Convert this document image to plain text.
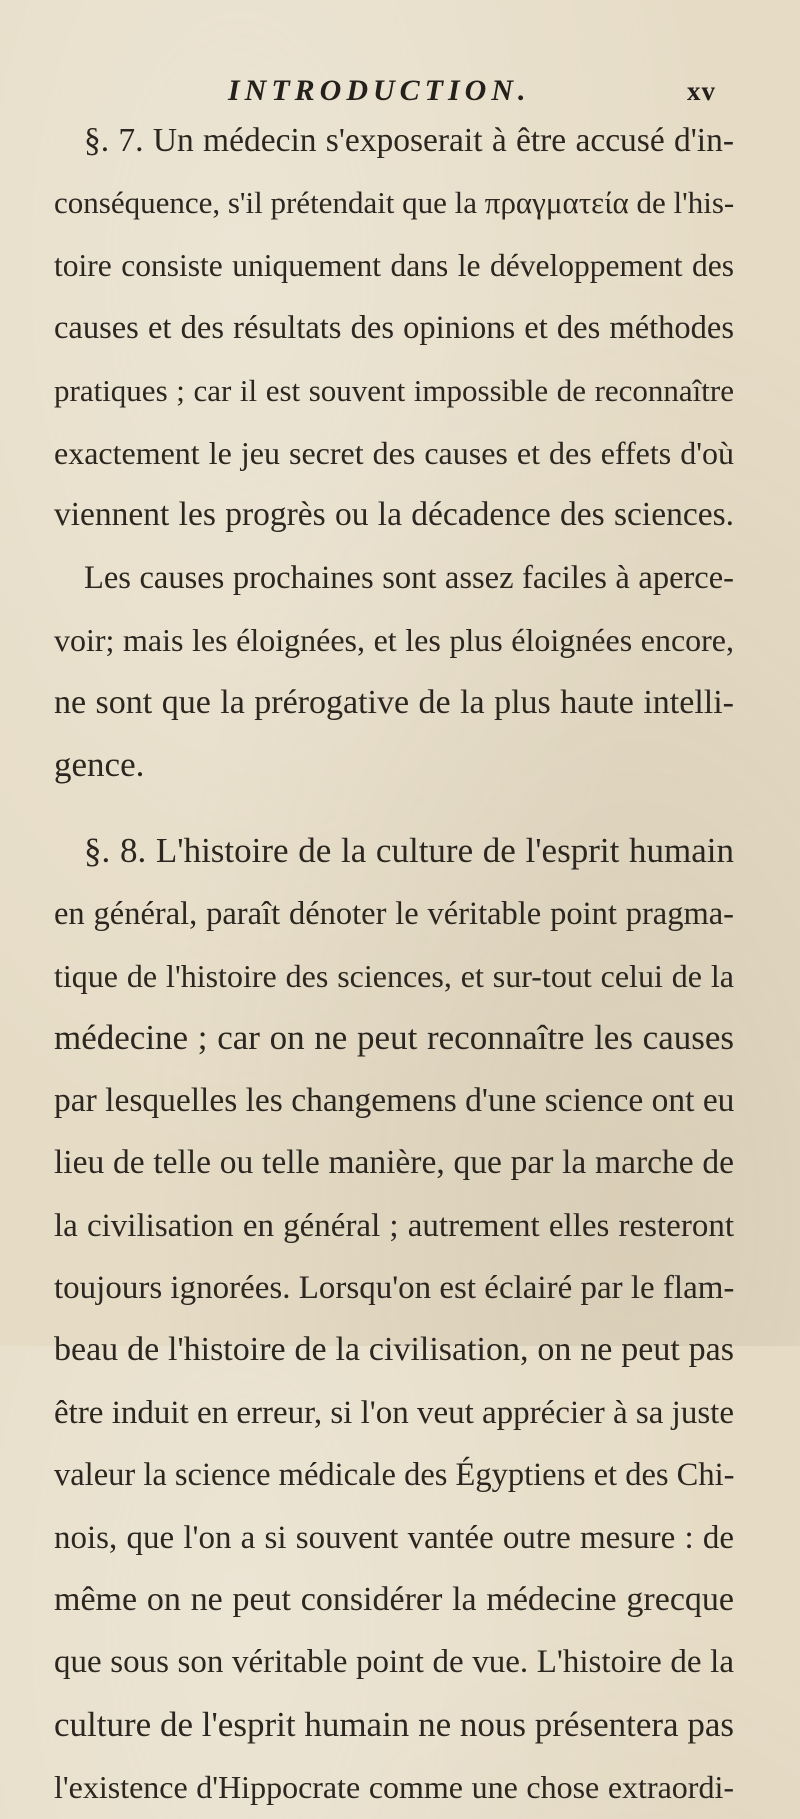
INTRODUCTION.	xv
§. 7. Un médecin s'exposerait à être accusé d'in-
conséquence, s'il prétendait que la πραγματεία de l'his-
toire consiste uniquement dans le développement des
causes et des résultats des opinions et des méthodes
pratiques ; car il est souvent impossible de reconnaître
exactement le jeu secret des causes et des effets d'où
viennent les progrès ou la décadence des sciences.
Les causes prochaines sont assez faciles à aperce-
voir; mais les éloignées, et les plus éloignées encore,
ne sont que la prérogative de la plus haute intelli-
gence.
§. 8. L'histoire de la culture de l'esprit humain
en général, paraît dénoter le véritable point pragma-
tique de l'histoire des sciences, et sur-tout celui de la
médecine ; car on ne peut reconnaître les causes
par lesquelles les changemens d'une science ont eu
lieu de telle ou telle manière, que par la marche de
la civilisation en général ; autrement elles resteront
toujours ignorées. Lorsqu'on est éclairé par le flam-
beau de l'histoire de la civilisation, on ne peut pas
être induit en erreur, si l'on veut apprécier à sa juste
valeur la science médicale des Égyptiens et des Chi-
nois, que l'on a si souvent vantée outre mesure : de
même on ne peut considérer la médecine grecque
que sous son véritable point de vue. L'histoire de la
culture de l'esprit humain ne nous présentera pas
l'existence d'Hippocrate comme une chose extraordi-
